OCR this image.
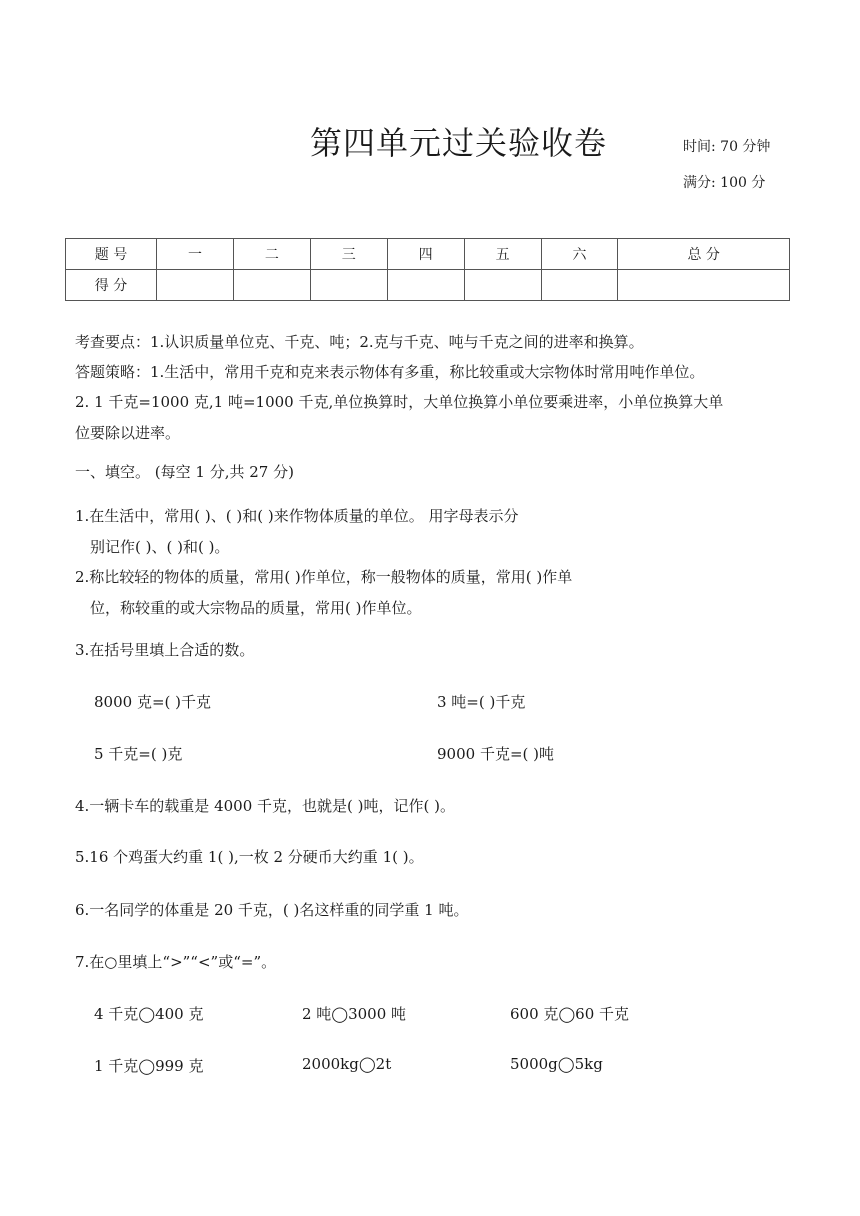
第四单元过关验收卷	时间: 70 分钟
满分: 100 分
题 号	一	二	三	四	五	六	总 分
得 分							
考查要点：1.认识质量单位克、千克、吨；2.克与千克、吨与千克之间的进率和换算。
答题策略：1.生活中，常用千克和克来表示物体有多重，称比较重或大宗物体时常用吨作单位。
2. 1 千克=1000 克,1 吨=1000 千克,单位换算时，大单位换算小单位要乘进率，小单位换算大单
位要除以进率。
一、填空。 (每空 1 分,共 27 分)
1.在生活中，常用( )、( )和( )来作物体质量的单位。 用字母表示分
别记作( )、( )和( )。
2.称比较轻的物体的质量，常用( )作单位，称一般物体的质量，常用( )作单
位，称较重的或大宗物品的质量，常用( )作单位。
3.在括号里填上合适的数。
8000 克=( )千克	3 吨=( )千克
5 千克=( )克	9000 千克=( )吨
4.一辆卡车的载重是 4000 千克，也就是( )吨，记作( )。
5.16 个鸡蛋大约重 1( ),一枚 2 分硬币大约重 1( )。
6.一名同学的体重是 20 千克，( )名这样重的同学重 1 吨。
7.在○里填上“>”“<”或“=”。
4 千克◯400 克	2 吨◯3000 吨	600 克◯60 千克
1 千克◯999 克	2000kg◯2t	5000g◯5kg
